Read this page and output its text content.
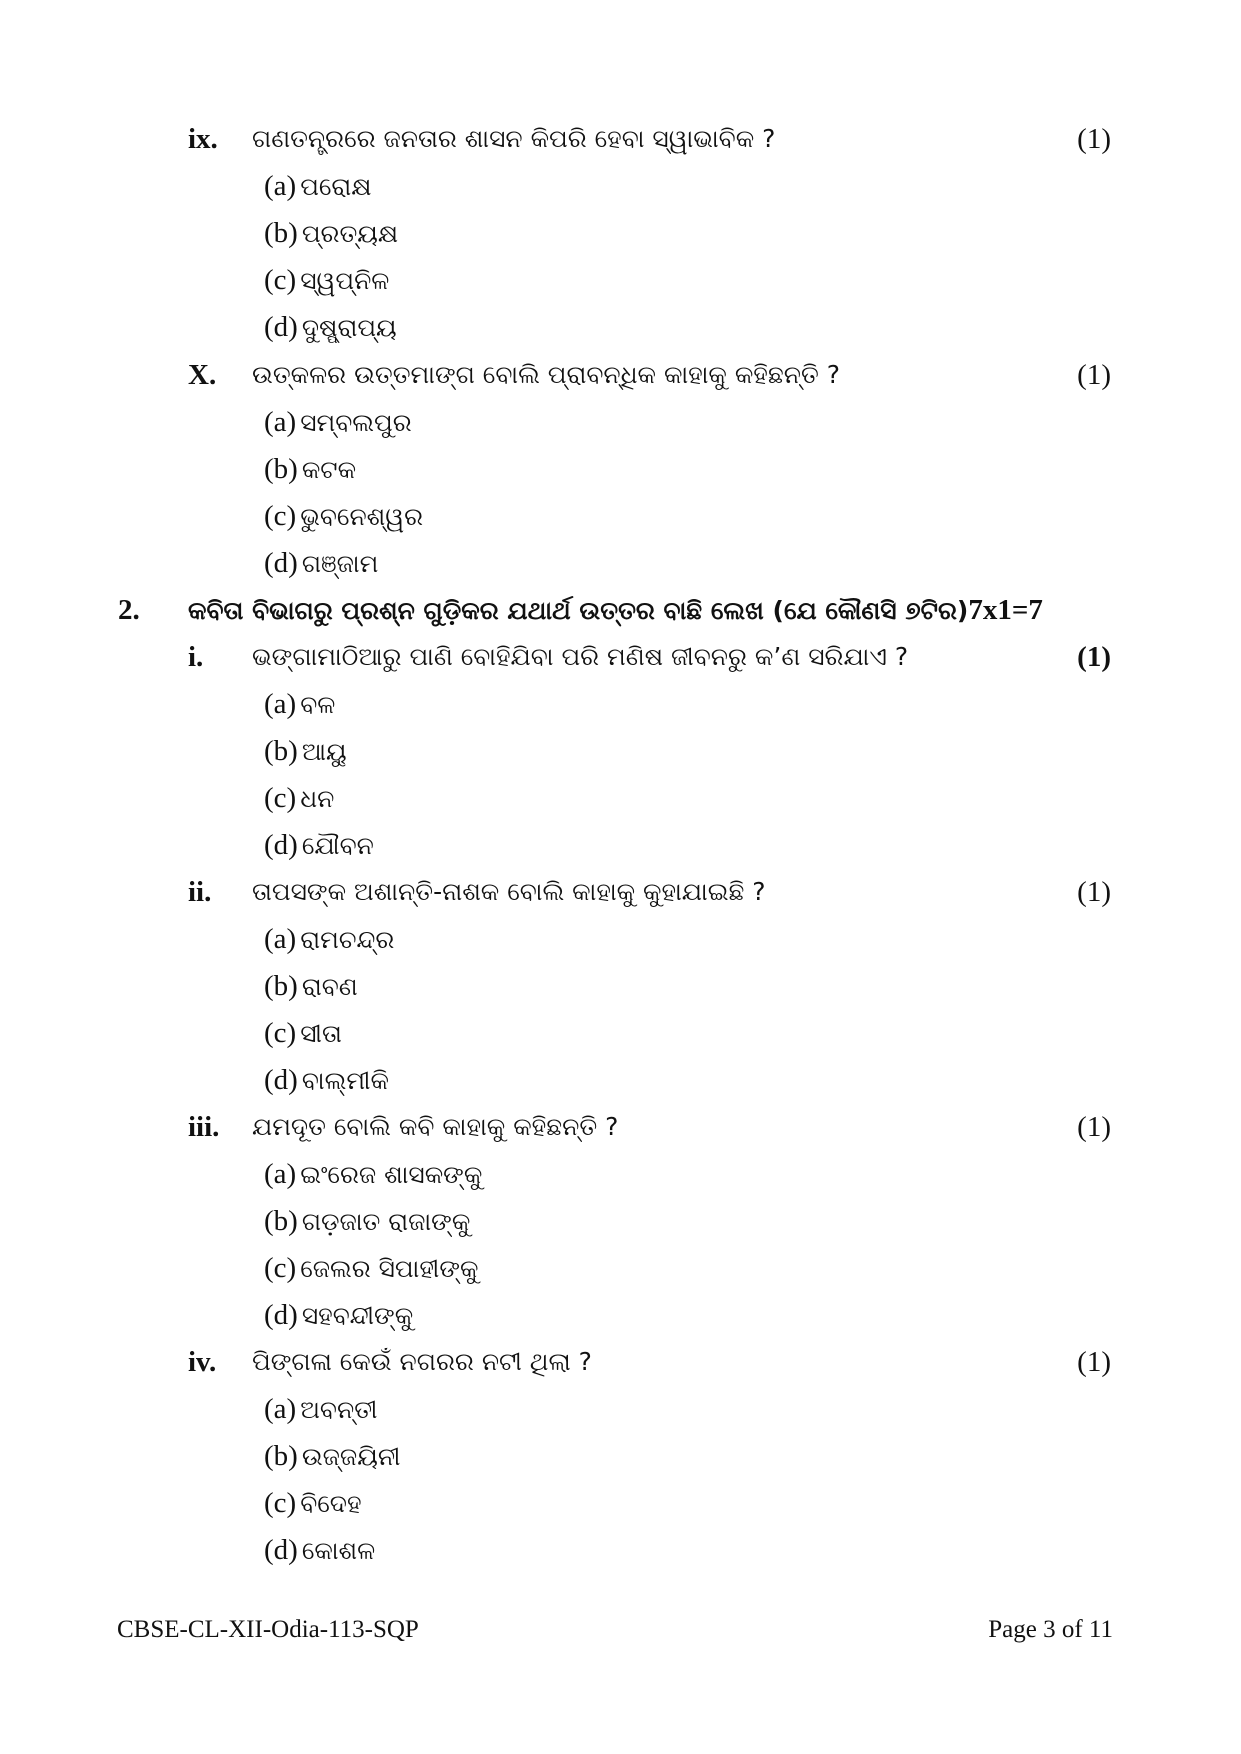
ix. ଗଣତନ୍ତ୍ରରେ ଜନତାର ଶାସନ କିପରି ହେବା ସ୍ୱାଭାବିକ ?	(1)
(a) ପରୋକ୍ଷ
(b) ପ୍ରତ୍ୟକ୍ଷ
(c) ସ୍ୱପ୍ନିଳ
(d) ଦୁଷ୍ପ୍ରାପ୍ୟ
X. ଉତ୍କଳର ଉତ୍ତମାଙ୍ଗ ବୋଲି ପ୍ରାବନ୍ଧିକ କାହାକୁ କହିଛନ୍ତି ?	(1)
(a) ସମ୍ବଲପୁର
(b) କଟକ
(c) ଭୁବନେଶ୍ୱର
(d) ଗଞ୍ଜାମ
2. କବିତା ବିଭାଗରୁ ପ୍ରଶ୍ନ ଗୁଡ଼ିକର ଯଥାର୍ଥ ଉତ୍ତର ବାଛି ଲେଖ (ଯେ କୌଣସି ୭ଟିର)7x1=7
i. ଭଙ୍ଗାମାଠିଆରୁ ପାଣି ବୋହିଯିବା ପରି ମଣିଷ ଜୀବନରୁ କ’ଣ ସରିଯାଏ ?	(1)
(a) ବଳ
(b) ଆୟୁ
(c) ଧନ
(d) ଯୌବନ
ii. ତାପସଙ୍କ ଅଶାନ୍ତି-ନାଶକ ବୋଲି କାହାକୁ କୁହାଯାଇଛି ?	(1)
(a) ରାମଚନ୍ଦ୍ର
(b) ରାବଣ
(c) ସୀତା
(d) ବାଲ୍ମୀକି
iii. ଯମଦୂତ ବୋଲି କବି କାହାକୁ କହିଛନ୍ତି ?	(1)
(a) ଇଂରେଜ ଶାସକଙ୍କୁ
(b) ଗଡ଼ଜାତ ରାଜାଙ୍କୁ
(c) ଜେଲର ସିପାହୀଙ୍କୁ
(d) ସହବନ୍ଦୀଙ୍କୁ
iv. ପିଙ୍ଗଳା କେଉଁ ନଗରର ନଟୀ ଥିଲା ?	(1)
(a) ଅବନ୍ତୀ
(b) ଉଜ୍ଜୟିନୀ
(c) ବିଦେହ
(d) କୋଶଳ
CBSE-CL-XII-Odia-113-SQP	Page 3 of 11
